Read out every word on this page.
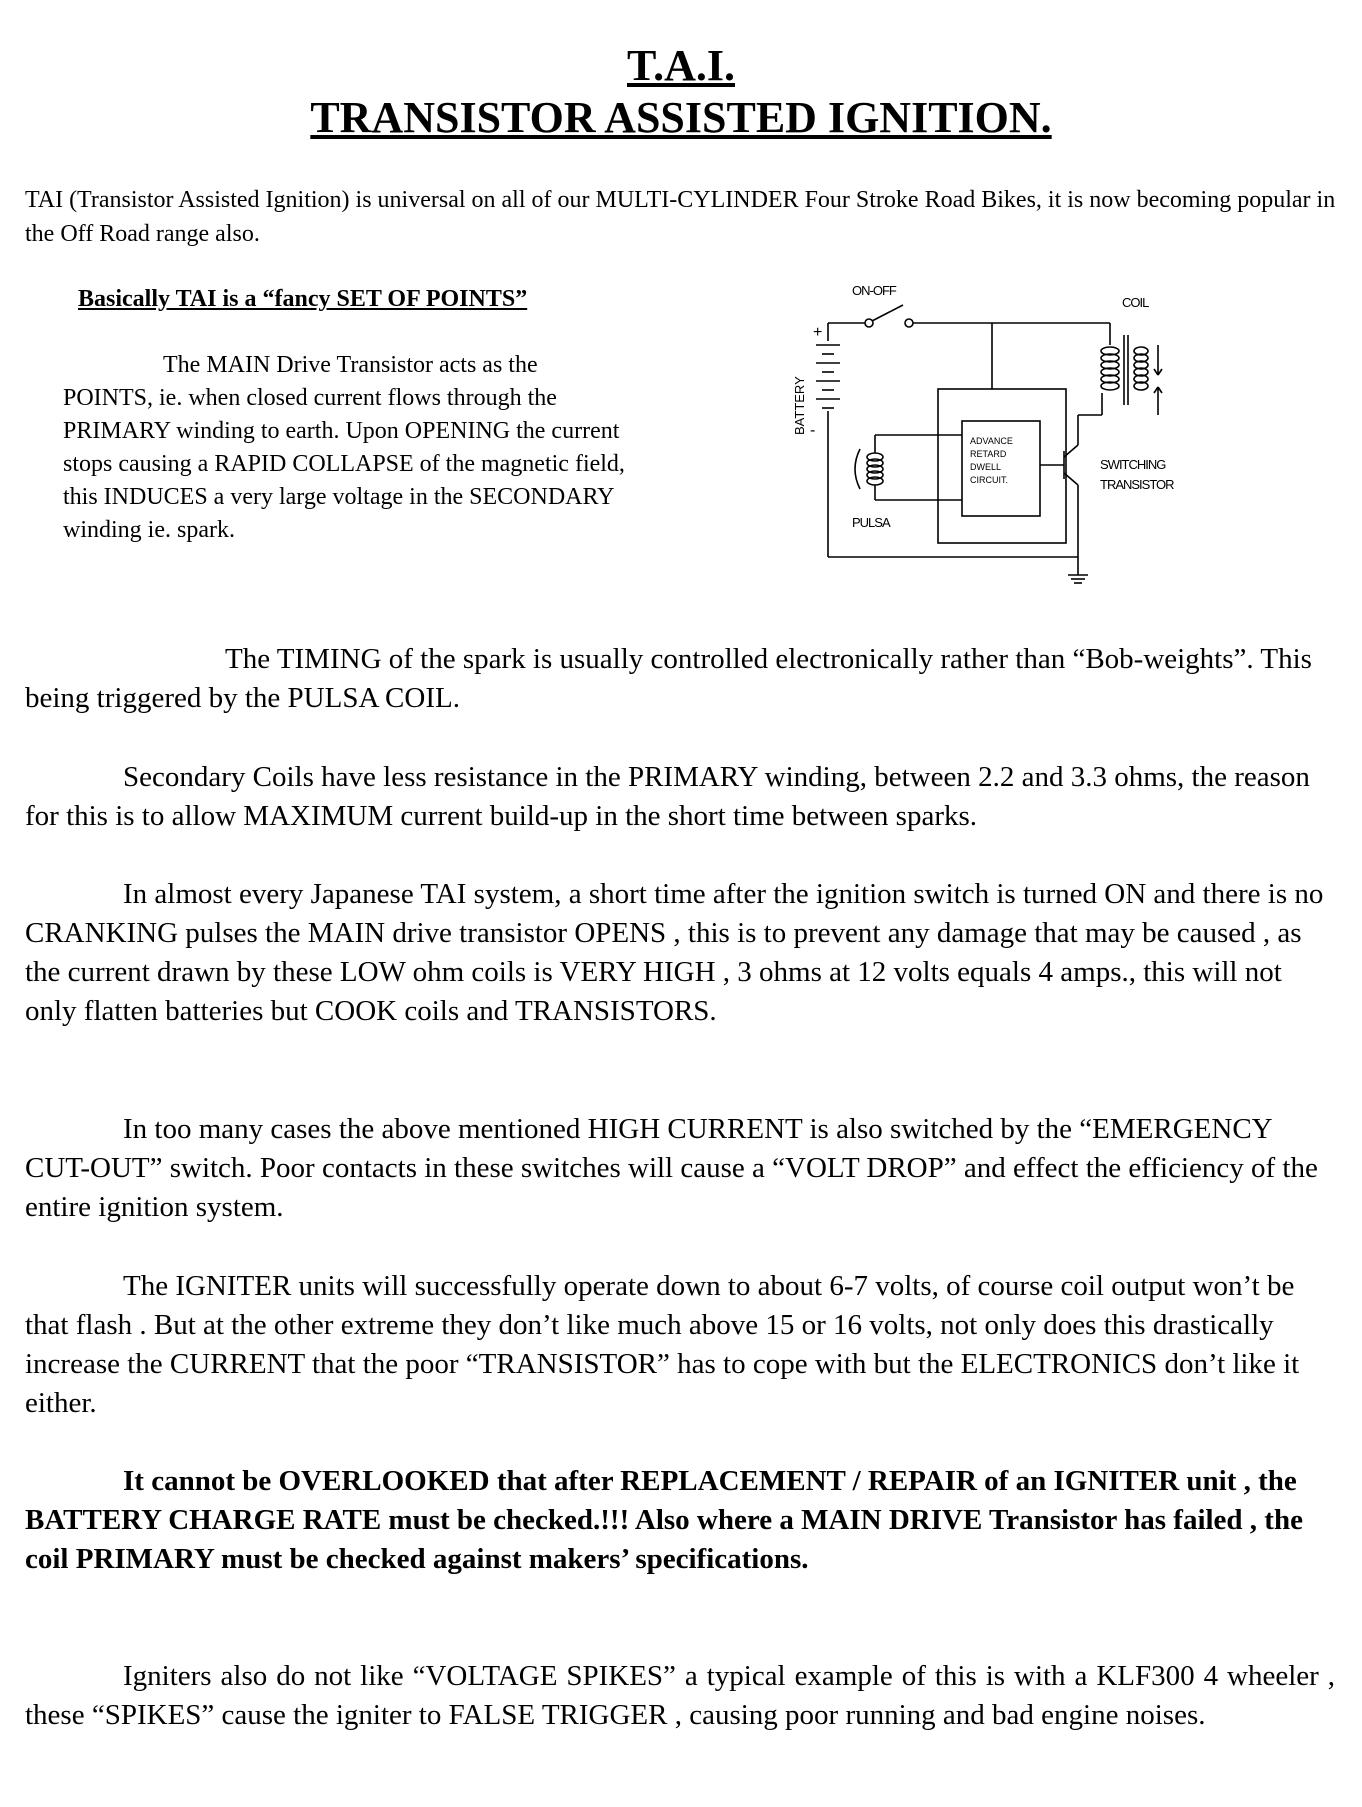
T.A.I.
TRANSISTOR ASSISTED IGNITION.
TAI (Transistor Assisted Ignition) is universal on all of our MULTI-CYLINDER Four Stroke Road Bikes, it is now becoming popular in the Off Road range also.
Basically TAI is a “fancy SET OF POINTS”
The MAIN Drive Transistor acts as the POINTS, ie. when closed current flows through the PRIMARY winding to earth. Upon OPENING the current stops causing a RAPID COLLAPSE of the magnetic field, this INDUCES a very large voltage in the SECONDARY winding ie. spark.
ON-OFF
COIL
+
-
BATTERY
ADVANCE
RETARD
DWELL
CIRCUIT.
SWITCHING
TRANSISTOR
PULSA
The TIMING of the spark is usually controlled electronically rather than “Bob-weights”. This being triggered by the PULSA COIL.
Secondary Coils have less resistance in the PRIMARY winding, between 2.2 and 3.3 ohms, the reason for this is to allow MAXIMUM current build-up in the short time between sparks.
In almost every Japanese TAI system, a short time after the ignition switch is turned ON and there is no CRANKING pulses the MAIN drive transistor OPENS , this is to prevent any damage that may be caused , as the current drawn by these LOW ohm coils is VERY HIGH , 3 ohms at 12 volts equals 4 amps., this will not only flatten batteries but COOK coils and TRANSISTORS.
In too many cases the above mentioned HIGH CURRENT is also switched by the “EMERGENCY CUT-OUT” switch. Poor contacts in these switches will cause a “VOLT DROP” and effect the efficiency of the entire ignition system.
The IGNITER units will successfully operate down to about 6-7 volts, of course coil output won’t be that flash . But at the other extreme they don’t like much above 15 or 16 volts, not only does this drastically increase the CURRENT that the poor “TRANSISTOR” has to cope with but the ELECTRONICS don’t like it either.
It cannot be OVERLOOKED that after REPLACEMENT / REPAIR of an IGNITER unit , the BATTERY CHARGE RATE must be checked.!!! Also where a MAIN DRIVE Transistor has failed , the coil PRIMARY must be checked against makers’ specifications.
Igniters also do not like “VOLTAGE SPIKES” a typical example of this is with a KLF300 4 wheeler , these “SPIKES” cause the igniter to FALSE TRIGGER , causing poor running and bad engine noises.
